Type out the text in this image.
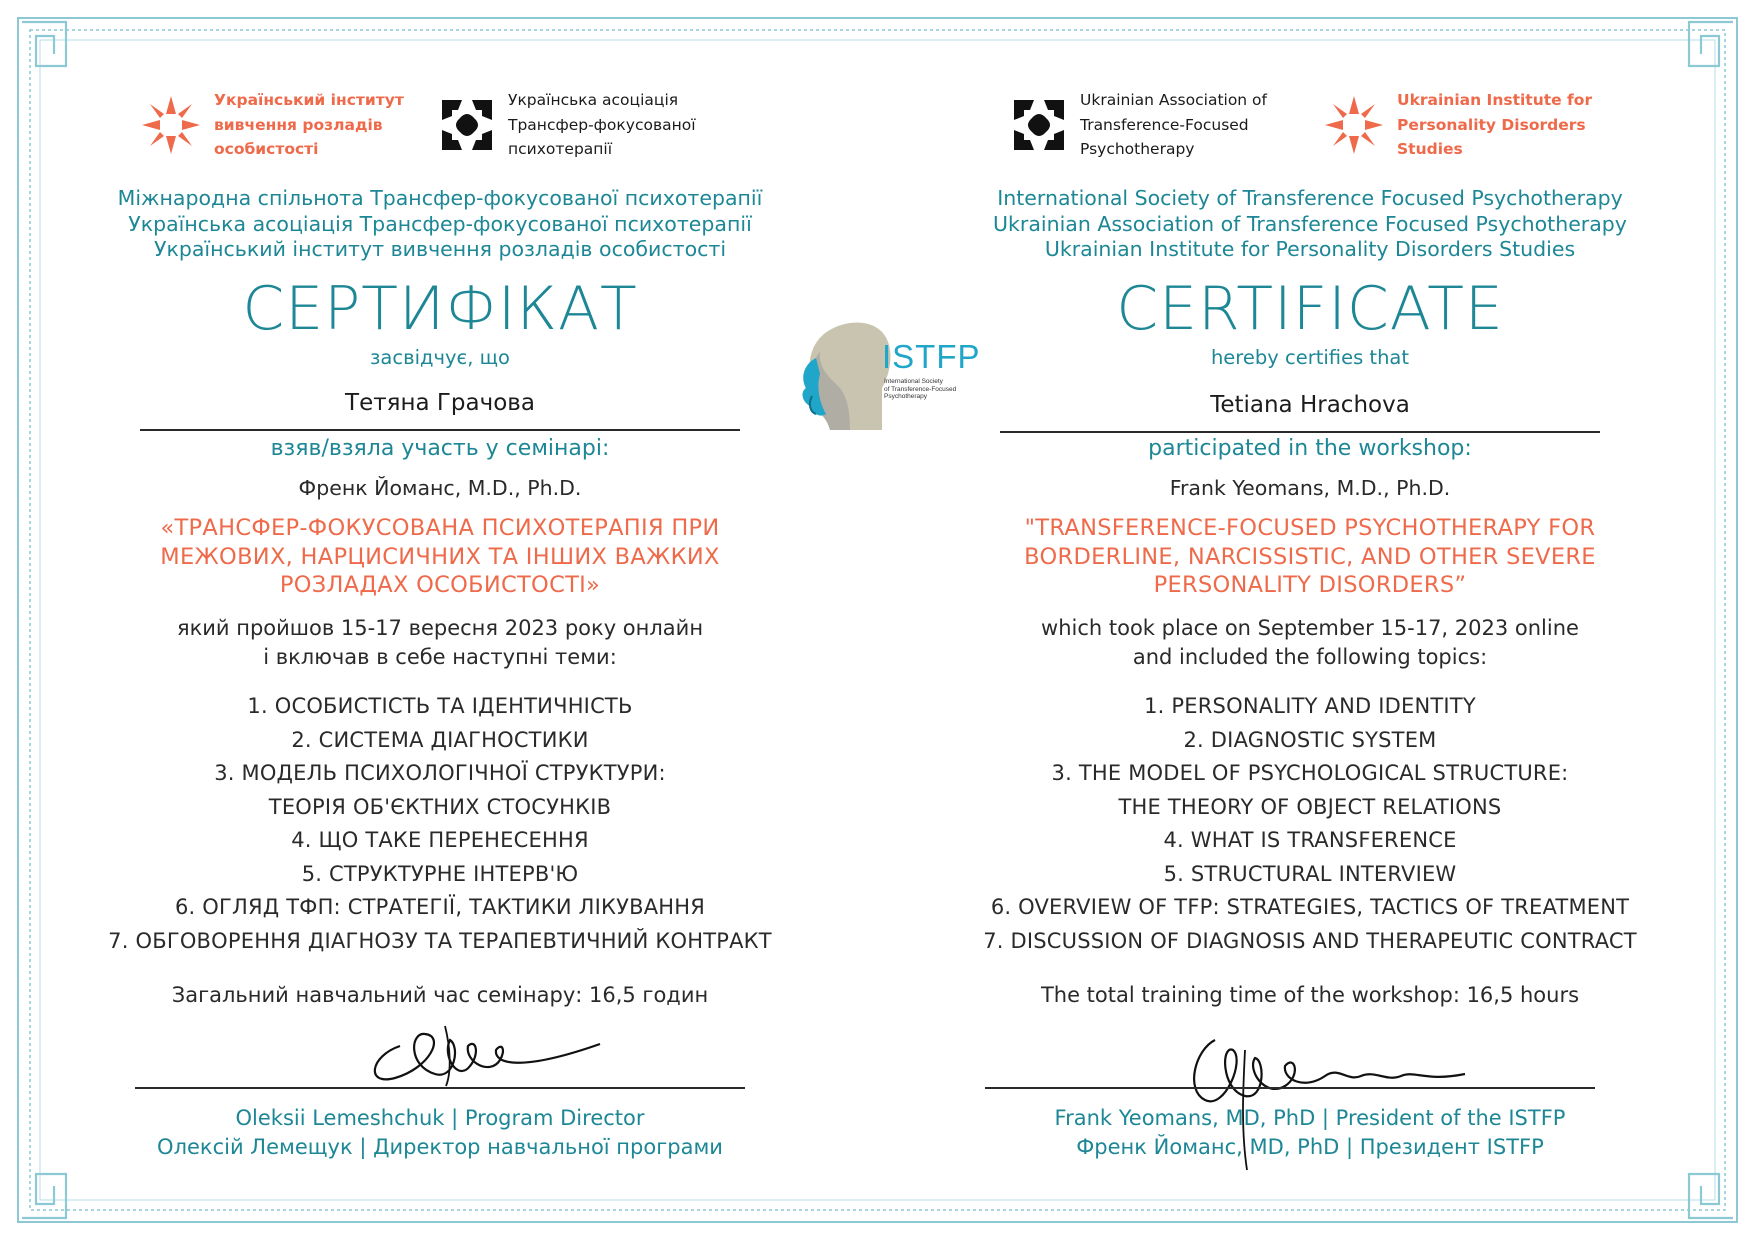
Український інститут
вивчення розладів
особистості
Українська асоціація
Трансфер-фокусованої
психотерапії
Міжнародна спільнота Трансфер-фокусованої психотерапії
Українська асоціація Трансфер-фокусованої психотерапії
Український інститут вивчення розладів особистості
СЕРТИФІКАТ
засвідчує, що
Тетяна Грачова
взяв/взяла участь у семінарі:
Френк Йоманс, M.D., Ph.D.
«ТРАНСФЕР-ФОКУСОВАНА ПСИХОТЕРАПІЯ ПРИ
МЕЖОВИХ, НАРЦИСИЧНИХ ТА ІНШИХ ВАЖКИХ
РОЗЛАДАХ ОСОБИСТОСТІ»
який пройшов 15-17 вересня 2023 року онлайн
і включав в себе наступні теми:
1. ОСОБИСТІСТЬ ТА ІДЕНТИЧНІСТЬ
2. СИСТЕМА ДІАГНОСТИКИ
3. МОДЕЛЬ ПСИХОЛОГІЧНОЇ СТРУКТУРИ:
ТЕОРІЯ ОБ'ЄКТНИХ СТОСУНКІВ
4. ЩО ТАКЕ ПЕРЕНЕСЕННЯ
5. СТРУКТУРНЕ ІНТЕРВ'Ю
6. ОГЛЯД ТФП: СТРАТЕГІЇ, ТАКТИКИ ЛІКУВАННЯ
7. ОБГОВОРЕННЯ ДІАГНОЗУ ТА ТЕРАПЕВТИЧНИЙ КОНТРАКТ
Загальний навчальний час семінару: 16,5 годин
Oleksii Lemeshchuk | Program Director
Олексій Лемещук | Директор навчальної програми
ISTFP
International Society
of Transference-Focused
Psychotherapy
Ukrainian Association of
Transference-Focused
Psychotherapy
Ukrainian Institute for
Personality Disorders
Studies
International Society of Transference Focused Psychotherapy
Ukrainian Association of Transference Focused Psychotherapy
Ukrainian Institute for Personality Disorders Studies
CERTIFICATE
hereby certifies that
Tetiana Hrachova
participated in the workshop:
Frank Yeomans, M.D., Ph.D.
"TRANSFERENCE-FOCUSED PSYCHOTHERAPY FOR
BORDERLINE, NARCISSISTIC, AND OTHER SEVERE
PERSONALITY DISORDERS”
which took place on September 15-17, 2023 online
and included the following topics:
1. PERSONALITY AND IDENTITY
2. DIAGNOSTIC SYSTEM
3. THE MODEL OF PSYCHOLOGICAL STRUCTURE:
THE THEORY OF OBJECT RELATIONS
4. WHAT IS TRANSFERENCE
5. STRUCTURAL INTERVIEW
6. OVERVIEW OF TFP: STRATEGIES, TACTICS OF TREATMENT
7. DISCUSSION OF DIAGNOSIS AND THERAPEUTIC CONTRACT
The total training time of the workshop: 16,5 hours
Frank Yeomans, MD, PhD | President of the ISTFP
Френк Йоманс, MD, PhD | Президент ISTFP
